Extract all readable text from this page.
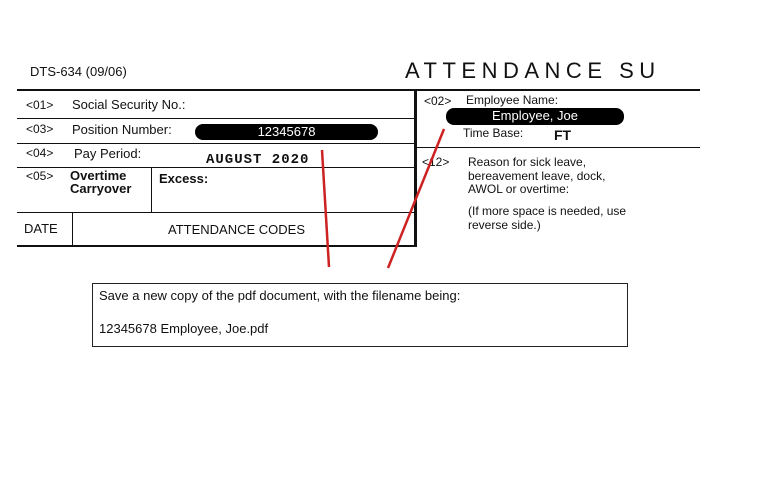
DTS-634 (09/06)	ATTENDANCE SU
<01> Social Security No.:
<03> Position Number:	12345678
<04> Pay Period:	AUGUST 2020
<05> Overtime
Carryover
Excess:
DATE	ATTENDANCE CODES
<02> Employee Name:
Employee, Joe
Time Base: FT
<12> Reason for sick leave,
bereavement leave, dock,
AWOL or overtime:
(If more space is needed, use
reverse side.)
Save a new copy of the pdf document, with the filename being:
12345678 Employee, Joe.pdf
